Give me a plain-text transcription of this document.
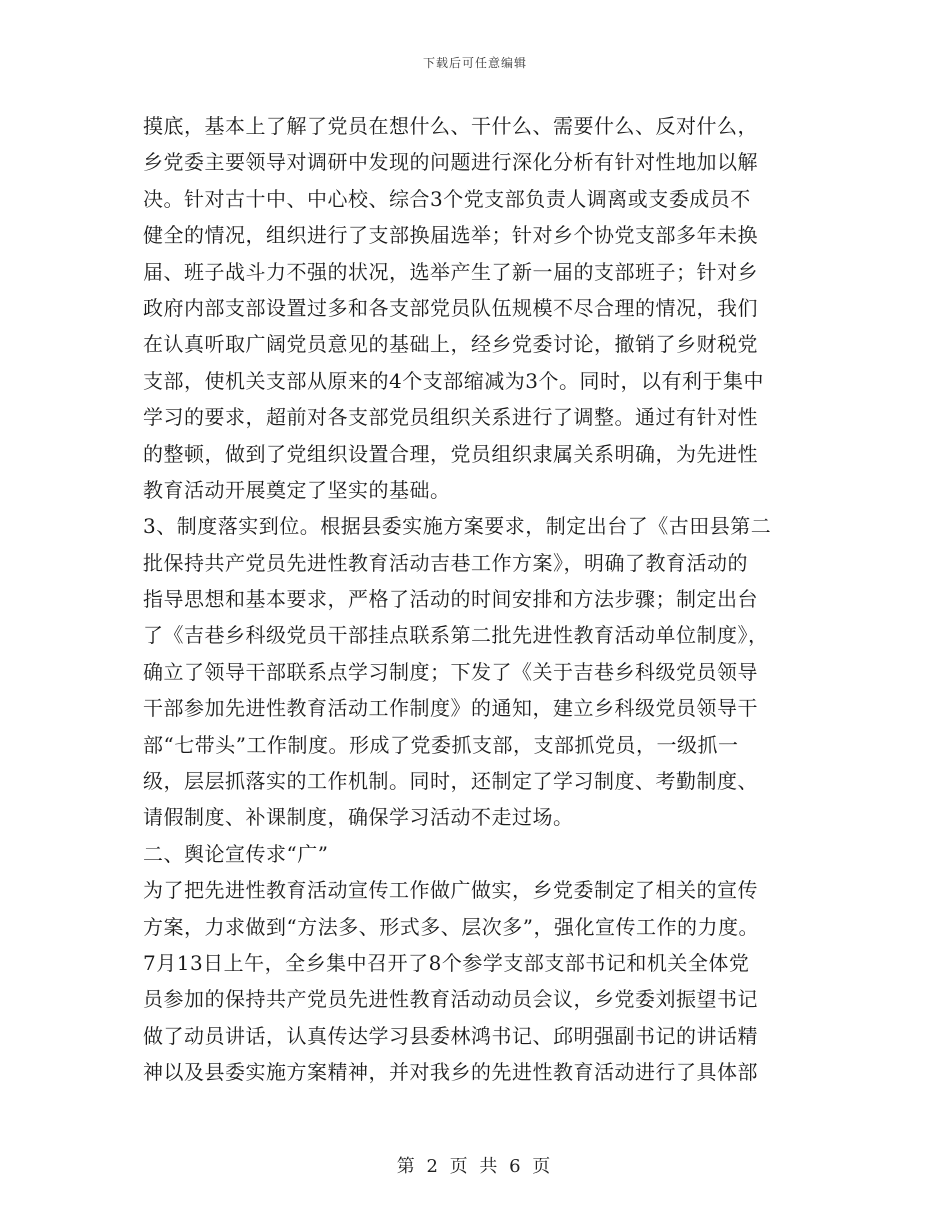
下载后可任意编辑
摸底，基本上了解了党员在想什么、干什么、需要什么、反对什么，
乡党委主要领导对调研中发现的问题进行深化分析有针对性地加以解
决。针对古十中、中心校、综合3个党支部负责人调离或支委成员不
健全的情况，组织进行了支部换届选举；针对乡个协党支部多年未换
届、班子战斗力不强的状况，选举产生了新一届的支部班子；针对乡
政府内部支部设置过多和各支部党员队伍规模不尽合理的情况，我们
在认真听取广阔党员意见的基础上，经乡党委讨论，撤销了乡财税党
支部，使机关支部从原来的4个支部缩减为3个。同时，以有利于集中
学习的要求，超前对各支部党员组织关系进行了调整。通过有针对性
的整顿，做到了党组织设置合理，党员组织隶属关系明确，为先进性
教育活动开展奠定了坚实的基础。
3、制度落实到位。根据县委实施方案要求，制定出台了《古田县第二
批保持共产党员先进性教育活动吉巷工作方案》，明确了教育活动的
指导思想和基本要求，严格了活动的时间安排和方法步骤；制定出台
了《吉巷乡科级党员干部挂点联系第二批先进性教育活动单位制度》，
确立了领导干部联系点学习制度；下发了《关于吉巷乡科级党员领导
干部参加先进性教育活动工作制度》的通知，建立乡科级党员领导干
部“七带头”工作制度。形成了党委抓支部，支部抓党员，一级抓一
级，层层抓落实的工作机制。同时，还制定了学习制度、考勤制度、
请假制度、补课制度，确保学习活动不走过场。
二、舆论宣传求“广”
为了把先进性教育活动宣传工作做广做实，乡党委制定了相关的宣传
方案，力求做到“方法多、形式多、层次多”，强化宣传工作的力度。
7月13日上午，全乡集中召开了8个参学支部支部书记和机关全体党
员参加的保持共产党员先进性教育活动动员会议，乡党委刘振望书记
做了动员讲话，认真传达学习县委林鸿书记、邱明强副书记的讲话精
神以及县委实施方案精神，并对我乡的先进性教育活动进行了具体部
第 2 页 共 6 页
